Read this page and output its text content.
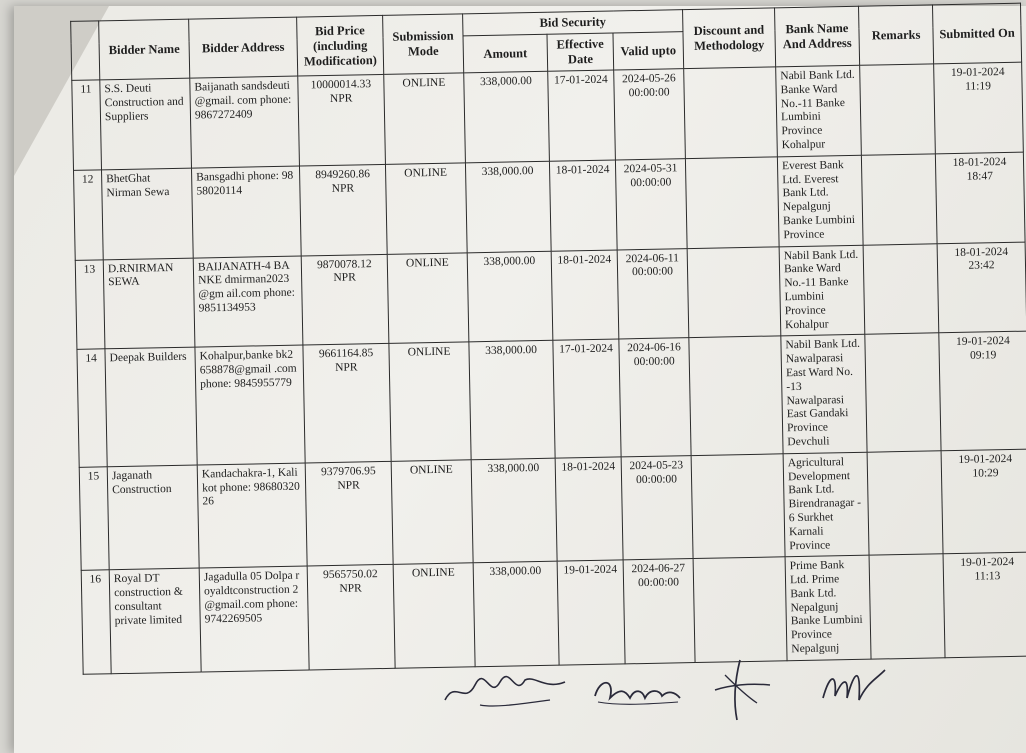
	Bidder Name	Bidder Address	Bid Price (including Modification)	Submission Mode	Bid Security			Discount and Methodology	Bank Name And Address	Remarks	Submitted On
					Amount	Effective Date	Valid upto				
11	S.S. Deuti Construction and Suppliers	Baijanath sandsdeuti@gmail. com phone: 9867272409	10000014.33 NPR	ONLINE	338,000.00	17-01-2024	2024-05-26 00:00:00		Nabil Bank Ltd. Banke Ward No.-11 Banke Lumbini Province Kohalpur		19-01-2024 11:19
12	BhetGhat Nirman Sewa	Bansgadhi phone: 9858020114	8949260.86 NPR	ONLINE	338,000.00	18-01-2024	2024-05-31 00:00:00		Everest Bank Ltd. Everest Bank Ltd. Nepalgunj Banke Lumbini Province		18-01-2024 18:47
13	D.RNIRMAN SEWA	BAIJANATH-4 BANKE dmirman2023@gm ail.com phone: 9851134953	9870078.12 NPR	ONLINE	338,000.00	18-01-2024	2024-06-11 00:00:00		Nabil Bank Ltd. Banke Ward No.-11 Banke Lumbini Province Kohalpur		18-01-2024 23:42
14	Deepak Builders	Kohalpur,banke bk2658878@gmail .com phone: 9845955779	9661164.85 NPR	ONLINE	338,000.00	17-01-2024	2024-06-16 00:00:00		Nabil Bank Ltd. Nawalparasi East Ward No. -13 Nawalparasi East Gandaki Province Devchuli		19-01-2024 09:19
15	Jaganath Construction	Kandachakra-1, Kalikot phone: 9868032026	9379706.95 NPR	ONLINE	338,000.00	18-01-2024	2024-05-23 00:00:00		Agricultural Development Bank Ltd. Birendranagar - 6 Surkhet Karnali Province		19-01-2024 10:29
16	Royal DT construction & consultant private limited	Jagadulla 05 Dolpa royaldtconstruction 2@gmail.com phone: 9742269505	9565750.02 NPR	ONLINE	338,000.00	19-01-2024	2024-06-27 00:00:00		Prime Bank Ltd. Prime Bank Ltd. Nepalgunj Banke Lumbini Province Nepalgunj		19-01-2024 11:13
